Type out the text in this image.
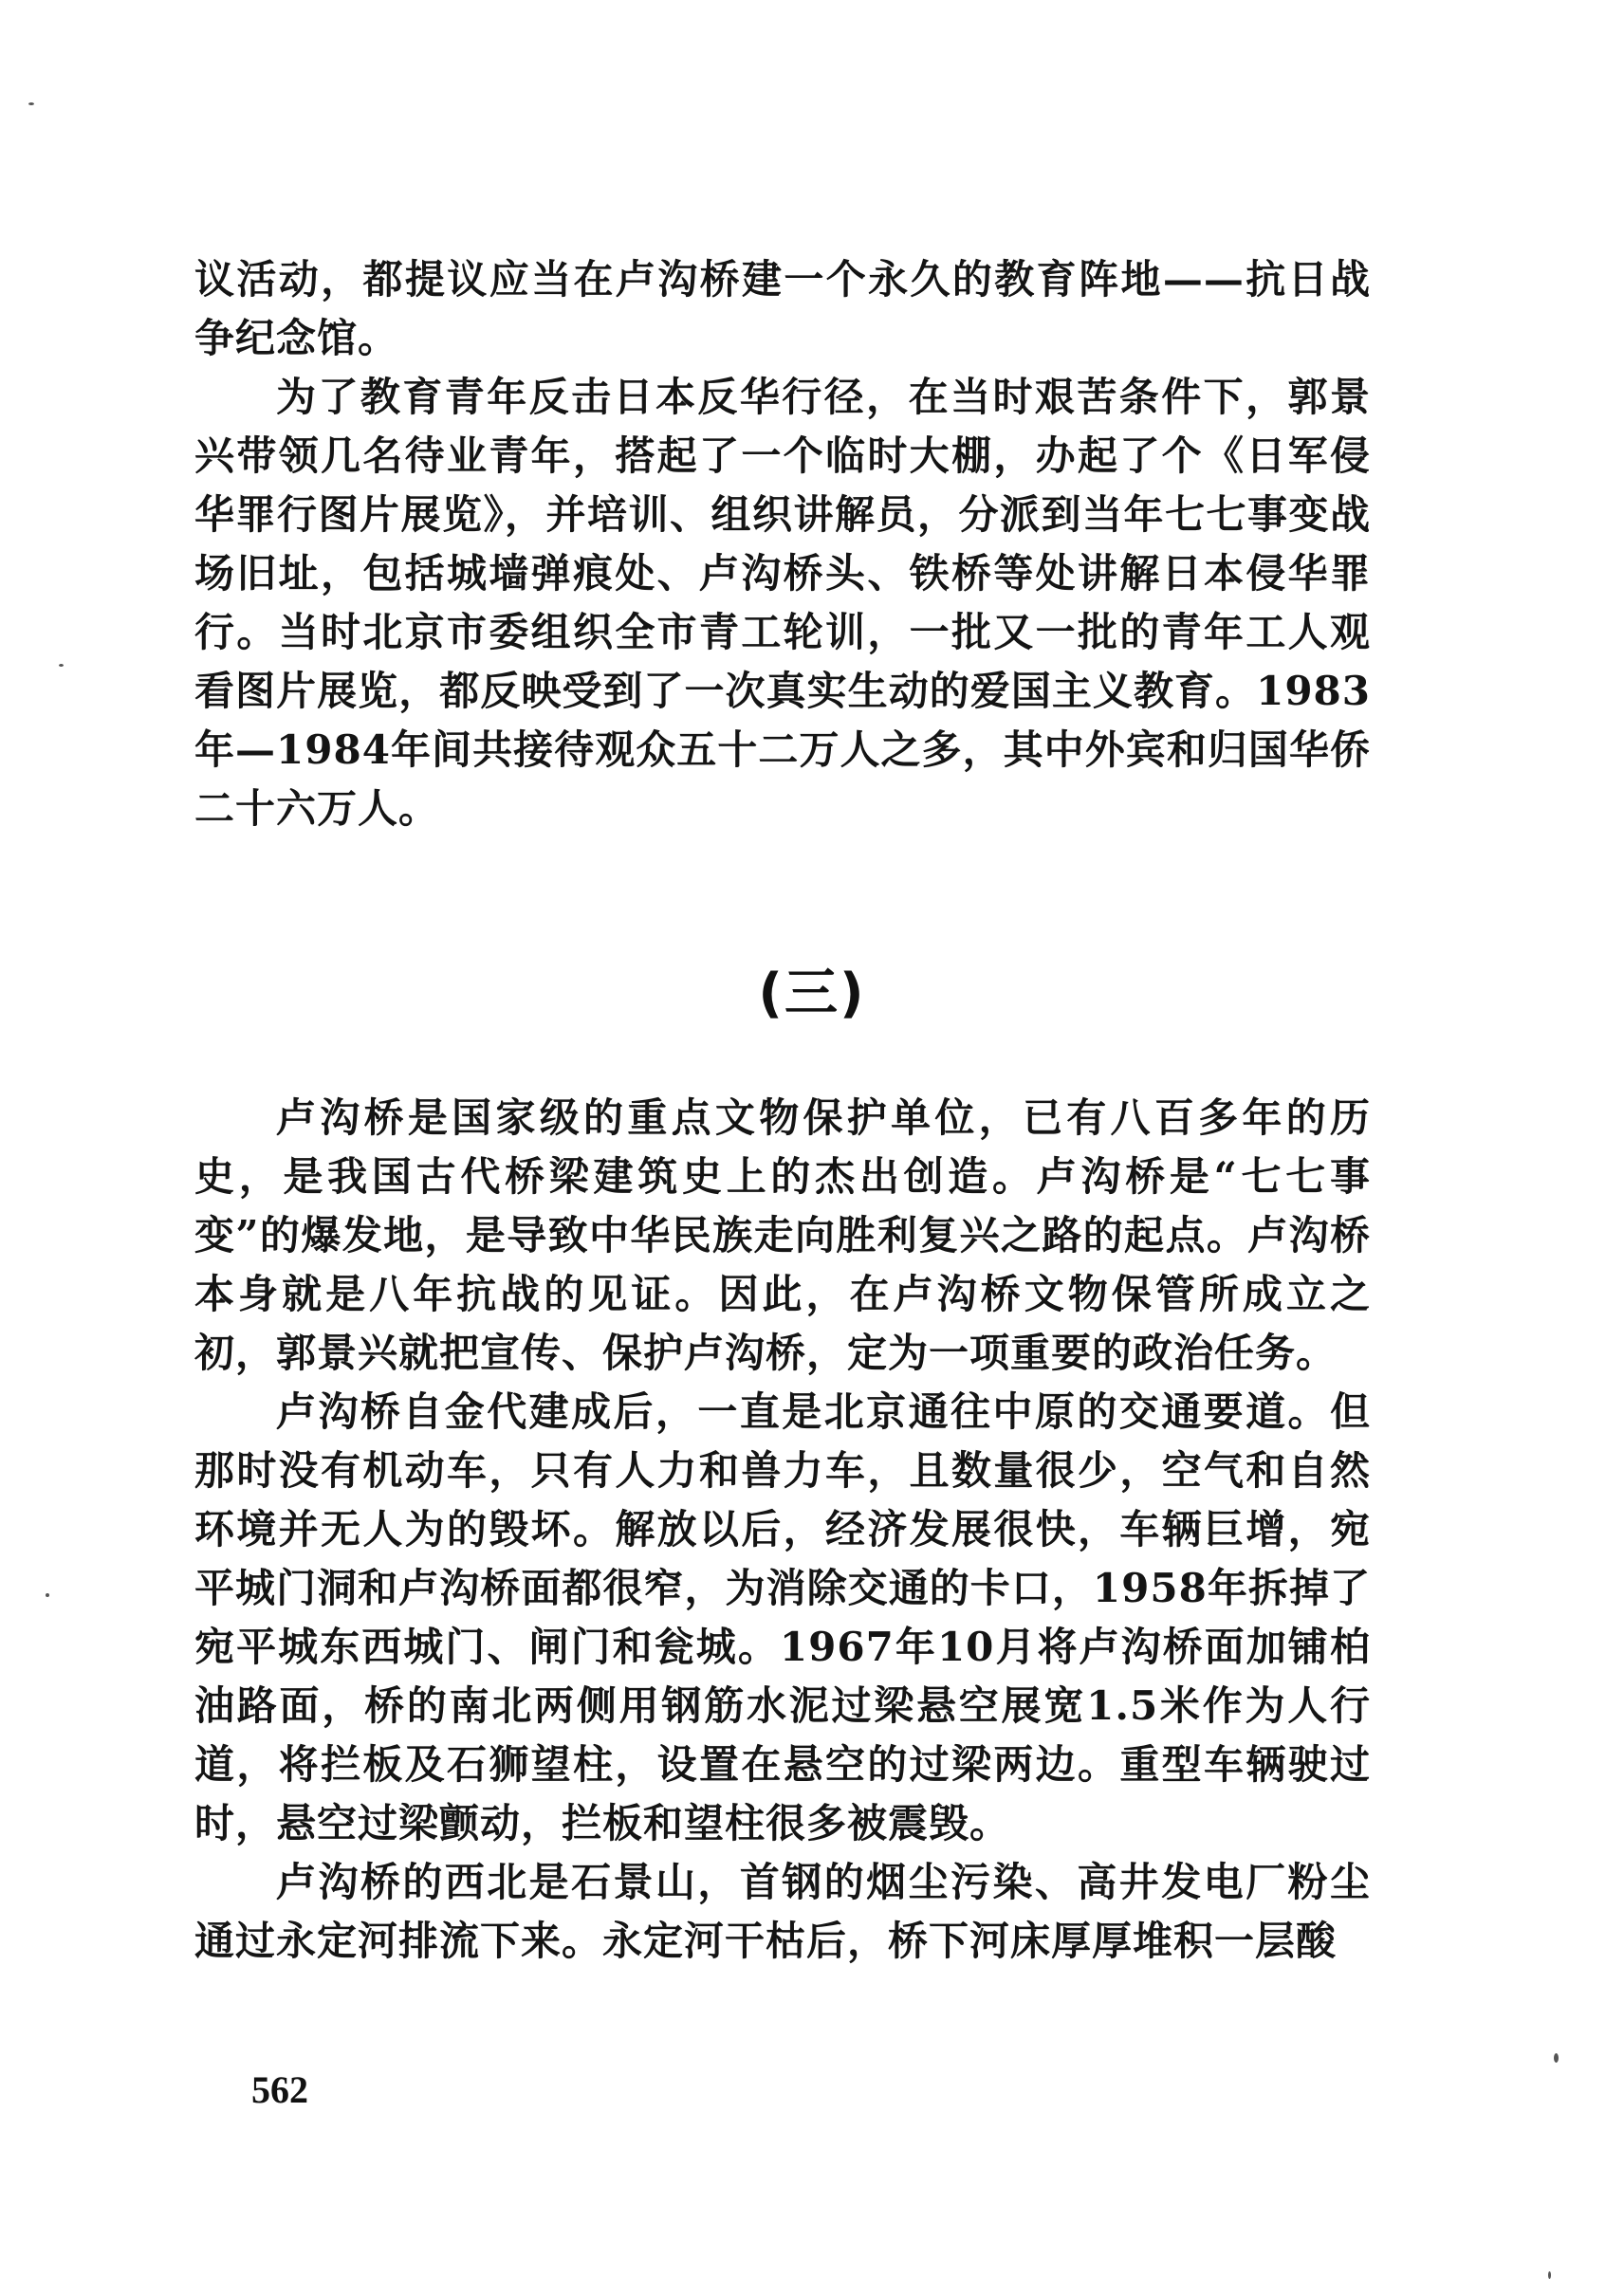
议活动，都提议应当在卢沟桥建一个永久的教育阵地——抗日战争纪念馆。

为了教育青年反击日本反华行径，在当时艰苦条件下，郭景兴带领几名待业青年，搭起了一个临时大棚，办起了个《日军侵华罪行图片展览》，并培训、组织讲解员，分派到当年七七事变战场旧址，包括城墙弹痕处、卢沟桥头、铁桥等处讲解日本侵华罪行。当时北京市委组织全市青工轮训，一批又一批的青年工人观看图片展览，都反映受到了一次真实生动的爱国主义教育。1983年—1984年间共接待观众五十二万人之多，其中外宾和归国华侨二十六万人。

(三)

卢沟桥是国家级的重点文物保护单位，已有八百多年的历史，是我国古代桥梁建筑史上的杰出创造。卢沟桥是“七七事变”的爆发地，是导致中华民族走向胜利复兴之路的起点。卢沟桥本身就是八年抗战的见证。因此，在卢沟桥文物保管所成立之初，郭景兴就把宣传、保护卢沟桥，定为一项重要的政治任务。

卢沟桥自金代建成后，一直是北京通往中原的交通要道。但那时没有机动车，只有人力和兽力车，且数量很少，空气和自然环境并无人为的毁坏。解放以后，经济发展很快，车辆巨增，宛平城门洞和卢沟桥面都很窄，为消除交通的卡口，1958年拆掉了宛平城东西城门、闸门和瓮城。1967年10月将卢沟桥面加铺柏油路面，桥的南北两侧用钢筋水泥过梁悬空展宽1.5米作为人行道，将拦板及石狮望柱，设置在悬空的过梁两边。重型车辆驶过时，悬空过梁颤动，拦板和望柱很多被震毁。

卢沟桥的西北是石景山，首钢的烟尘污染、高井发电厂粉尘通过永定河排流下来。永定河干枯后，桥下河床厚厚堆积一层酸

562
